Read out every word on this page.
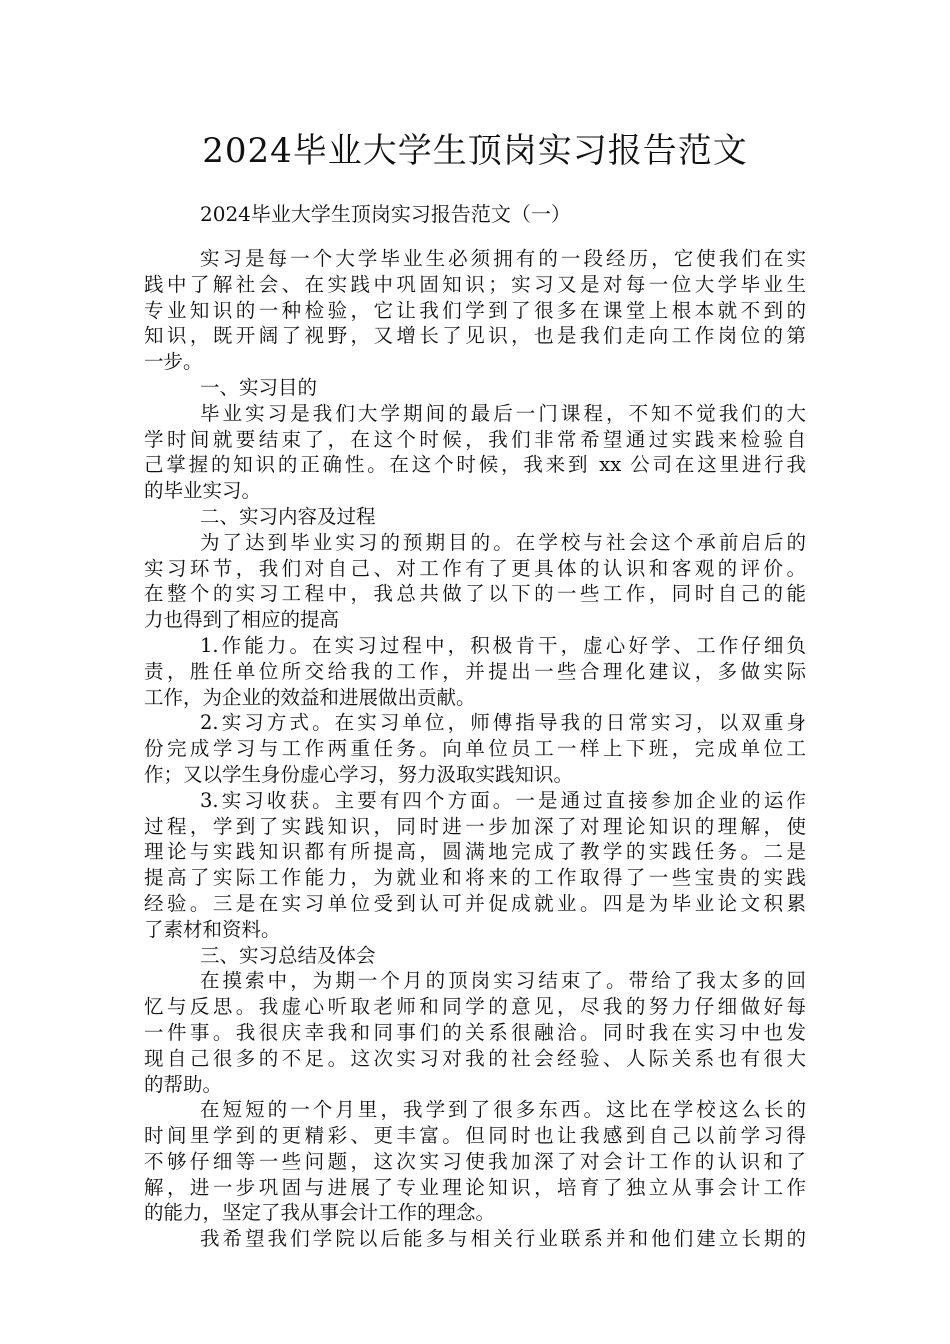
2024毕业大学生顶岗实习报告范文
2024毕业大学生顶岗实习报告范文（一）
实习是每一个大学毕业生必须拥有的一段经历，它使我们在实
践中了解社会、在实践中巩固知识；实习又是对每一位大学毕业生
专业知识的一种检验，它让我们学到了很多在课堂上根本就不到的
知识，既开阔了视野，又增长了见识，也是我们走向工作岗位的第
一步。
一、实习目的
毕业实习是我们大学期间的最后一门课程，不知不觉我们的大
学时间就要结束了，在这个时候，我们非常希望通过实践来检验自
己掌握的知识的正确性。在这个时候，我来到 xx 公司在这里进行我
的毕业实习。
二、实习内容及过程
为了达到毕业实习的预期目的。在学校与社会这个承前启后的
实习环节，我们对自己、对工作有了更具体的认识和客观的评价。
在整个的实习工程中，我总共做了以下的一些工作，同时自己的能
力也得到了相应的提高
1.作能力。在实习过程中，积极肯干，虚心好学、工作仔细负
责，胜任单位所交给我的工作，并提出一些合理化建议，多做实际
工作，为企业的效益和进展做出贡献。
2.实习方式。在实习单位，师傅指导我的日常实习，以双重身
份完成学习与工作两重任务。向单位员工一样上下班，完成单位工
作；又以学生身份虚心学习，努力汲取实践知识。
3.实习收获。主要有四个方面。一是通过直接参加企业的运作
过程，学到了实践知识，同时进一步加深了对理论知识的理解，使
理论与实践知识都有所提高，圆满地完成了教学的实践任务。二是
提高了实际工作能力，为就业和将来的工作取得了一些宝贵的实践
经验。三是在实习单位受到认可并促成就业。四是为毕业论文积累
了素材和资料。
三、实习总结及体会
在摸索中，为期一个月的顶岗实习结束了。带给了我太多的回
忆与反思。我虚心听取老师和同学的意见，尽我的努力仔细做好每
一件事。我很庆幸我和同事们的关系很融洽。同时我在实习中也发
现自己很多的不足。这次实习对我的社会经验、人际关系也有很大
的帮助。
在短短的一个月里，我学到了很多东西。这比在学校这么长的
时间里学到的更精彩、更丰富。但同时也让我感到自己以前学习得
不够仔细等一些问题，这次实习使我加深了对会计工作的认识和了
解，进一步巩固与进展了专业理论知识，培育了独立从事会计工作
的能力，坚定了我从事会计工作的理念。
我希望我们学院以后能多与相关行业联系并和他们建立长期的
